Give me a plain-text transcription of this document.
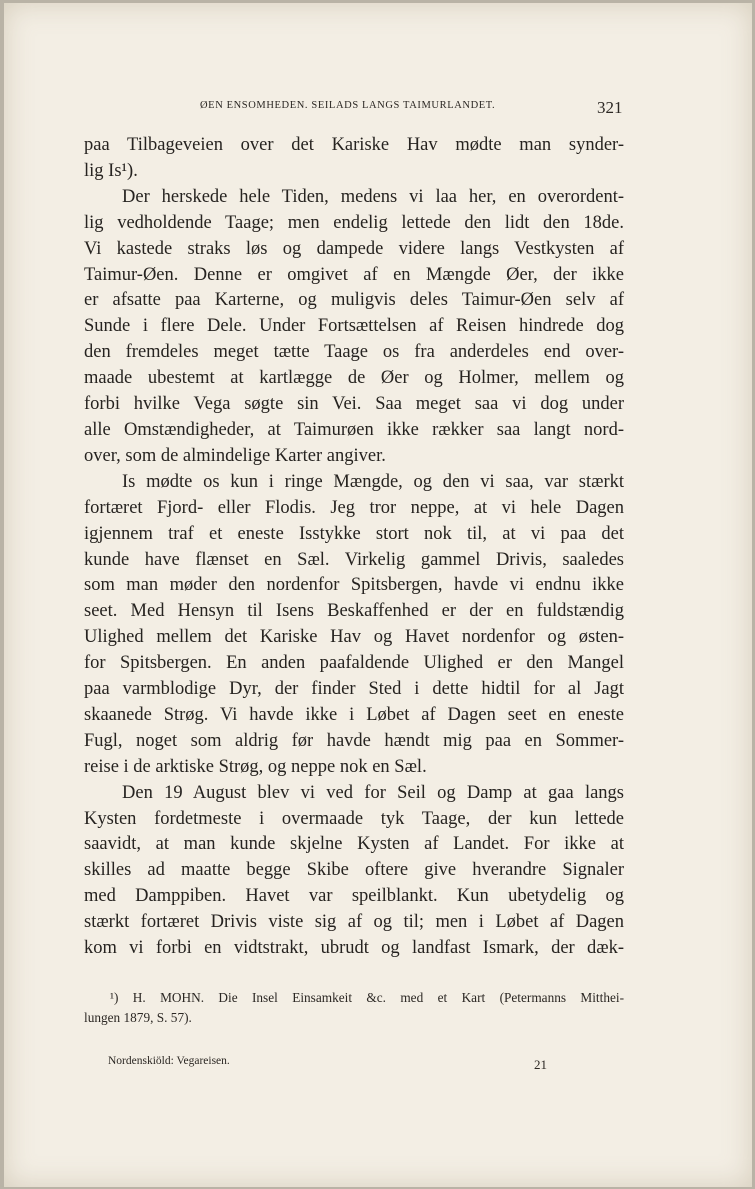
ØEN ENSOMHEDEN. SEILADS LANGS TAIMURLANDET.	321
paa Tilbageveien over det Kariske Hav mødte man synder-
lig Is¹).
Der herskede hele Tiden, medens vi laa her, en overordent-
lig vedholdende Taage; men endelig lettede den lidt den 18de.
Vi kastede straks løs og dampede videre langs Vestkysten af
Taimur-Øen. Denne er omgivet af en Mængde Øer, der ikke
er afsatte paa Karterne, og muligvis deles Taimur-Øen selv af
Sunde i flere Dele. Under Fortsættelsen af Reisen hindrede dog
den fremdeles meget tætte Taage os fra anderdeles end over-
maade ubestemt at kartlægge de Øer og Holmer, mellem og
forbi hvilke Vega søgte sin Vei. Saa meget saa vi dog under
alle Omstændigheder, at Taimurøen ikke rækker saa langt nord-
over, som de almindelige Karter angiver.
Is mødte os kun i ringe Mængde, og den vi saa, var stærkt
fortæret Fjord- eller Flodis. Jeg tror neppe, at vi hele Dagen
igjennem traf et eneste Isstykke stort nok til, at vi paa det
kunde have flænset en Sæl. Virkelig gammel Drivis, saaledes
som man møder den nordenfor Spitsbergen, havde vi endnu ikke
seet. Med Hensyn til Isens Beskaffenhed er der en fuldstændig
Ulighed mellem det Kariske Hav og Havet nordenfor og østen-
for Spitsbergen. En anden paafaldende Ulighed er den Mangel
paa varmblodige Dyr, der finder Sted i dette hidtil for al Jagt
skaanede Strøg. Vi havde ikke i Løbet af Dagen seet en eneste
Fugl, noget som aldrig før havde hændt mig paa en Sommer-
reise i de arktiske Strøg, og neppe nok en Sæl.
Den 19 August blev vi ved for Seil og Damp at gaa langs
Kysten fordetmeste i overmaade tyk Taage, der kun lettede
saavidt, at man kunde skjelne Kysten af Landet. For ikke at
skilles ad maatte begge Skibe oftere give hverandre Signaler
med Damppiben. Havet var speilblankt. Kun ubetydelig og
stærkt fortæret Drivis viste sig af og til; men i Løbet af Dagen
kom vi forbi en vidtstrakt, ubrudt og landfast Ismark, der dæk-
¹) H. MOHN. Die Insel Einsamkeit &c. med et Kart (Petermanns Mitthei-
lungen 1879, S. 57).
Nordenskiöld: Vegareisen.	21
